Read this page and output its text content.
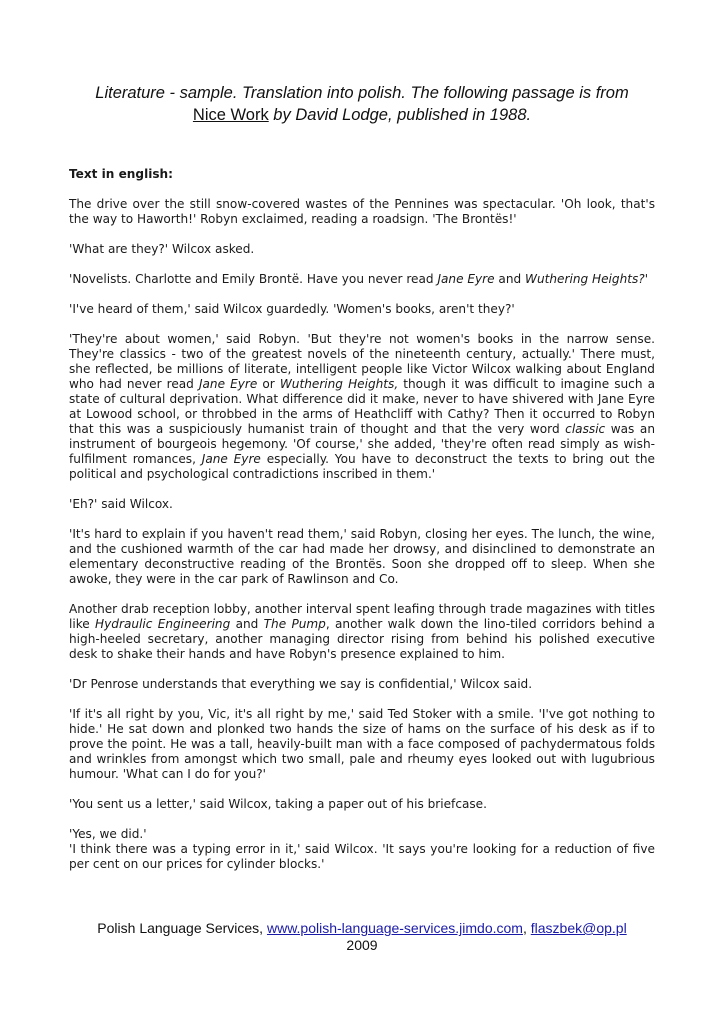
Literature - sample. Translation into polish. The following passage is from
Nice Work by David Lodge, published in 1988.
Text in english:

The drive over the still snow-covered wastes of the Pennines was spectacular. 'Oh look, that's the way to Haworth!' Robyn exclaimed, reading a roadsign. 'The Brontës!'

'What are they?' Wilcox asked.

'Novelists. Charlotte and Emily Brontë. Have you never read Jane Eyre and Wuthering Heights?'

'I've heard of them,' said Wilcox guardedly. 'Women's books, aren't they?'

'They're about women,' said Robyn. 'But they're not women's books in the narrow sense. They're classics - two of the greatest novels of the nineteenth century, actually.' There must, she reflected, be millions of literate, intelligent people like Victor Wilcox walking about England who had never read Jane Eyre or Wuthering Heights, though it was difficult to imagine such a state of cultural deprivation. What difference did it make, never to have shivered with Jane Eyre at Lowood school, or throbbed in the arms of Heathcliff with Cathy? Then it occurred to Robyn that this was a suspiciously humanist train of thought and that the very word classic was an instrument of bourgeois hegemony. 'Of course,' she added, 'they're often read simply as wish-fulfilment romances, Jane Eyre especially. You have to deconstruct the texts to bring out the political and psychological contradictions inscribed in them.'

'Eh?' said Wilcox.

'It's hard to explain if you haven't read them,' said Robyn, closing her eyes. The lunch, the wine, and the cushioned warmth of the car had made her drowsy, and disinclined to demonstrate an elementary deconstructive reading of the Brontës. Soon she dropped off to sleep. When she awoke, they were in the car park of Rawlinson and Co.

Another drab reception lobby, another interval spent leafing through trade magazines with titles like Hydraulic Engineering and The Pump, another walk down the lino-tiled corridors behind a high-heeled secretary, another managing director rising from behind his polished executive desk to shake their hands and have Robyn's presence explained to him.

'Dr Penrose understands that everything we say is confidential,' Wilcox said.

'If it's all right by you, Vic, it's all right by me,' said Ted Stoker with a smile. 'I've got nothing to hide.' He sat down and plonked two hands the size of hams on the surface of his desk as if to prove the point. He was a tall, heavily-built man with a face composed of pachydermatous folds and wrinkles from amongst which two small, pale and rheumy eyes looked out with lugubrious humour. 'What can I do for you?'

'You sent us a letter,' said Wilcox, taking a paper out of his briefcase.

'Yes, we did.'

'I think there was a typing error in it,' said Wilcox. 'It says you're looking for a reduction of five per cent on our prices for cylinder blocks.'

Polish Language Services, www.polish-language-services.jimdo.com, flaszbek@op.pl
2009
